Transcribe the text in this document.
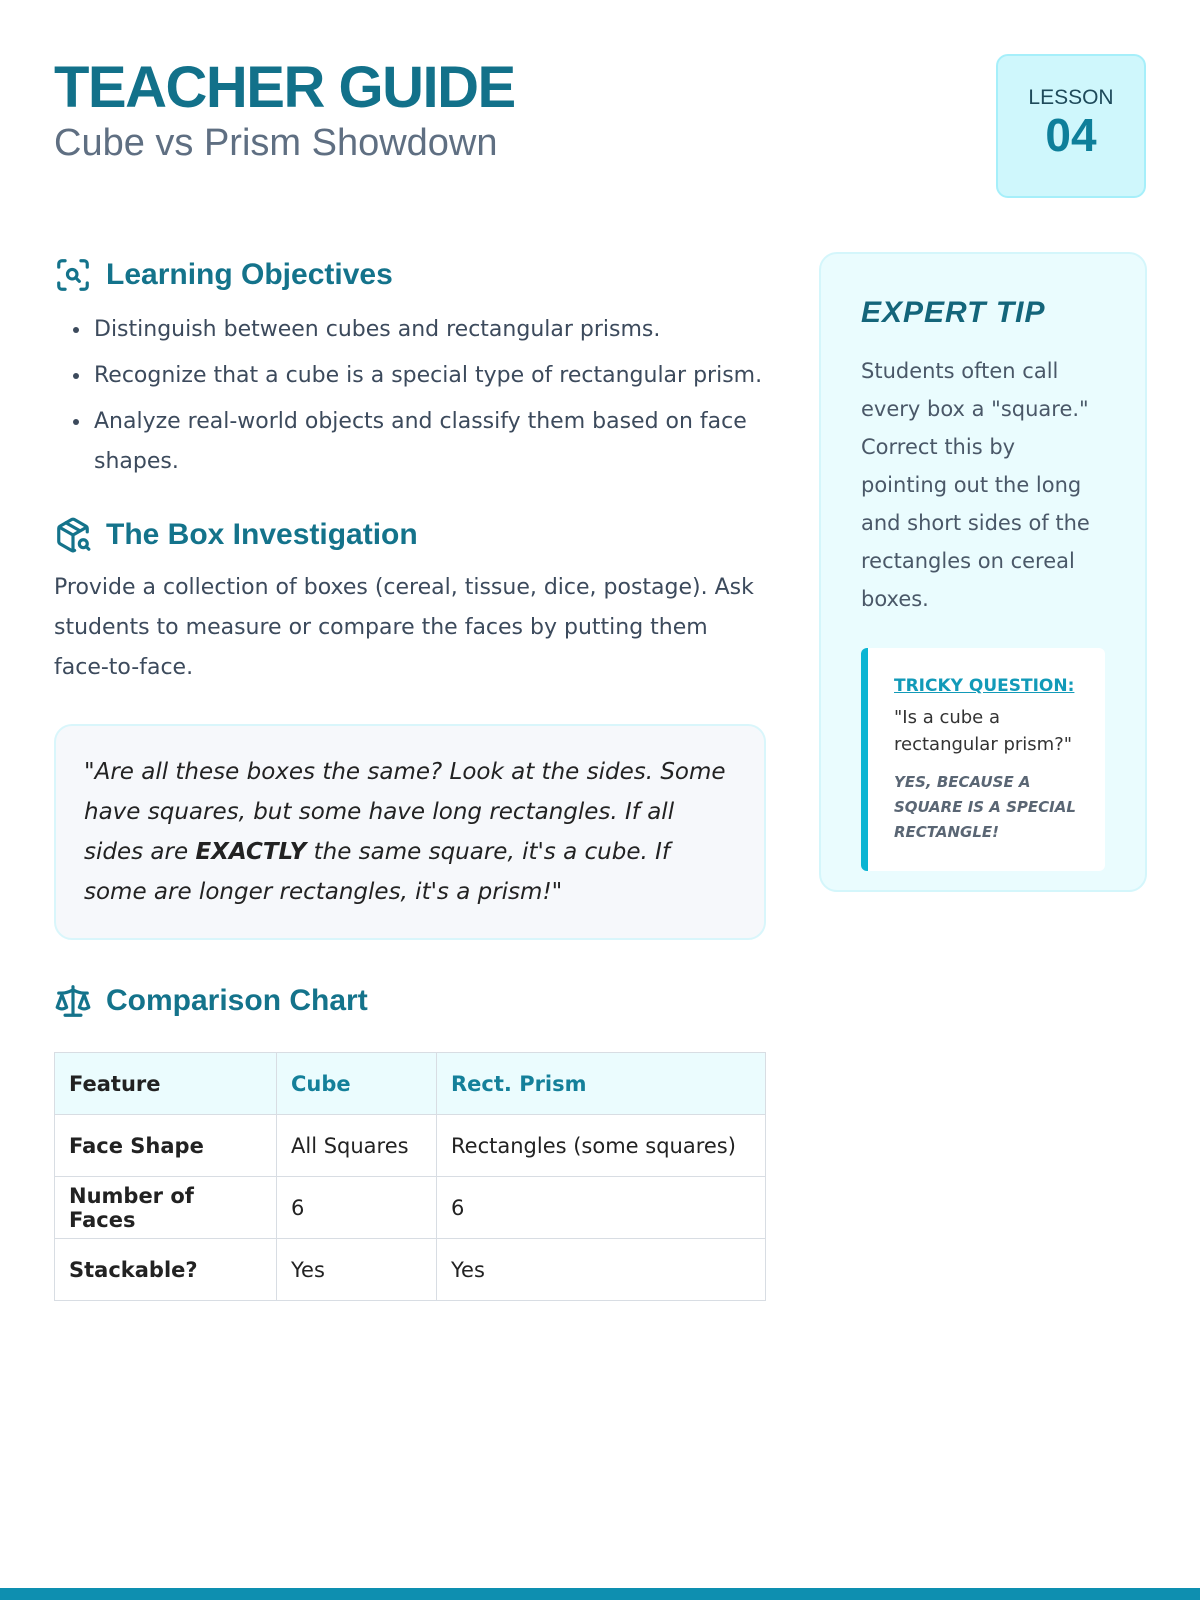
TEACHER GUIDE
Cube vs Prism Showdown
LESSON
04
Learning Objectives
• Distinguish between cubes and rectangular prisms.
• Recognize that a cube is a special type of rectangular prism.
• Analyze real-world objects and classify them based on face shapes.
The Box Investigation

Provide a collection of boxes (cereal, tissue, dice, postage). Ask students to measure or compare the faces by putting them face-to-face.

"Are all these boxes the same? Look at the sides. Some have squares, but some have long rectangles. If all sides are EXACTLY the same square, it's a cube. If some are longer rectangles, it's a prism!"
Comparison Chart
Feature	Cube	Rect. Prism
Face Shape	All Squares	Rectangles (some squares)
Number of Faces	6	6
Stackable?	Yes	Yes
EXPERT TIP

Students often call every box a "square." Correct this by pointing out the long and short sides of the rectangles on cereal boxes.

TRICKY QUESTION:
"Is a cube a rectangular prism?"
YES, BECAUSE A SQUARE IS A SPECIAL RECTANGLE!
